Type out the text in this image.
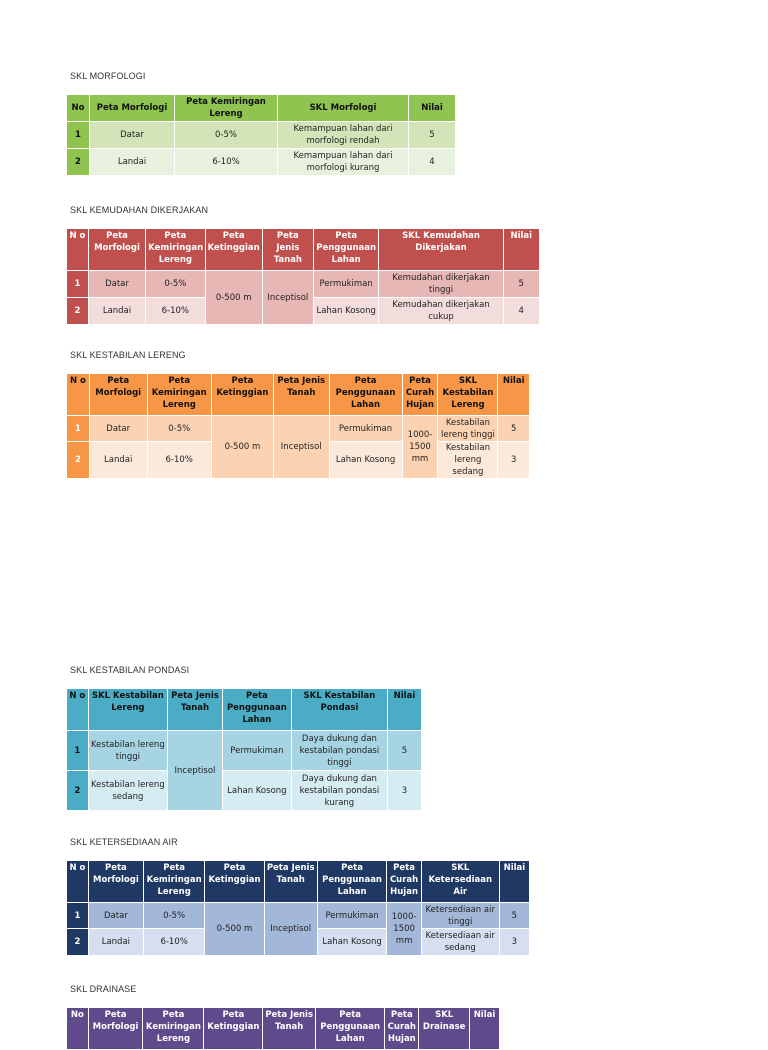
SKL MORFOLOGI
No	Peta Morfologi	Peta Kemiringan Lereng	SKL Morfologi	Nilai
1	Datar	0-5%	Kemampuan lahan dari morfologi rendah	5
2	Landai	6-10%	Kemampuan lahan dari morfologi kurang	4
SKL KEMUDAHAN DIKERJAKAN
N o	Peta Morfologi	Peta Kemiringan Lereng	Peta Ketinggian	Peta Jenis Tanah	Peta Penggunaan Lahan	SKL Kemudahan Dikerjakan	Nilai
1	Datar	0-5%	0-500 m	Inceptisol	Permukiman	Kemudahan dikerjakan tinggi	5
2	Landai	6-10%			Lahan Kosong	Kemudahan dikerjakan cukup	4
SKL KESTABILAN LERENG
N o	Peta Morfologi	Peta Kemiringan Lereng	Peta Ketinggian	Peta Jenis Tanah	Peta Penggunaan Lahan	Peta Curah Hujan	SKL Kestabilan Lereng	Nilai
1	Datar	0-5%	0-500 m	Inceptisol	Permukiman	1000-1500 mm	Kestabilan lereng tinggi	5
2	Landai	6-10%			Lahan Kosong		Kestabilan lereng sedang	3
SKL KESTABILAN PONDASI
N o	SKL Kestabilan Lereng	Peta Jenis Tanah	Peta Penggunaan Lahan	SKL Kestabilan Pondasi	Nilai
1	Kestabilan lereng tinggi	Inceptisol	Permukiman	Daya dukung dan kestabilan pondasi tinggi	5
2	Kestabilan lereng sedang		Lahan Kosong	Daya dukung dan kestabilan pondasi kurang	3
SKL KETERSEDIAAN AIR
N o	Peta Morfologi	Peta Kemiringan Lereng	Peta Ketinggian	Peta Jenis Tanah	Peta Penggunaan Lahan	Peta Curah Hujan	SKL Ketersediaan Air	Nilai
1	Datar	0-5%	0-500 m	Inceptisol	Permukiman	1000-1500 mm	Ketersediaan air tinggi	5
2	Landai	6-10%			Lahan Kosong		Ketersediaan air sedang	3
SKL DRAINASE
No	Peta Morfologi	Peta Kemiringan Lereng	Peta Ketinggian	Peta Jenis Tanah	Peta Penggunaan Lahan	Peta Curah Hujan	SKL Drainase	Nilai
